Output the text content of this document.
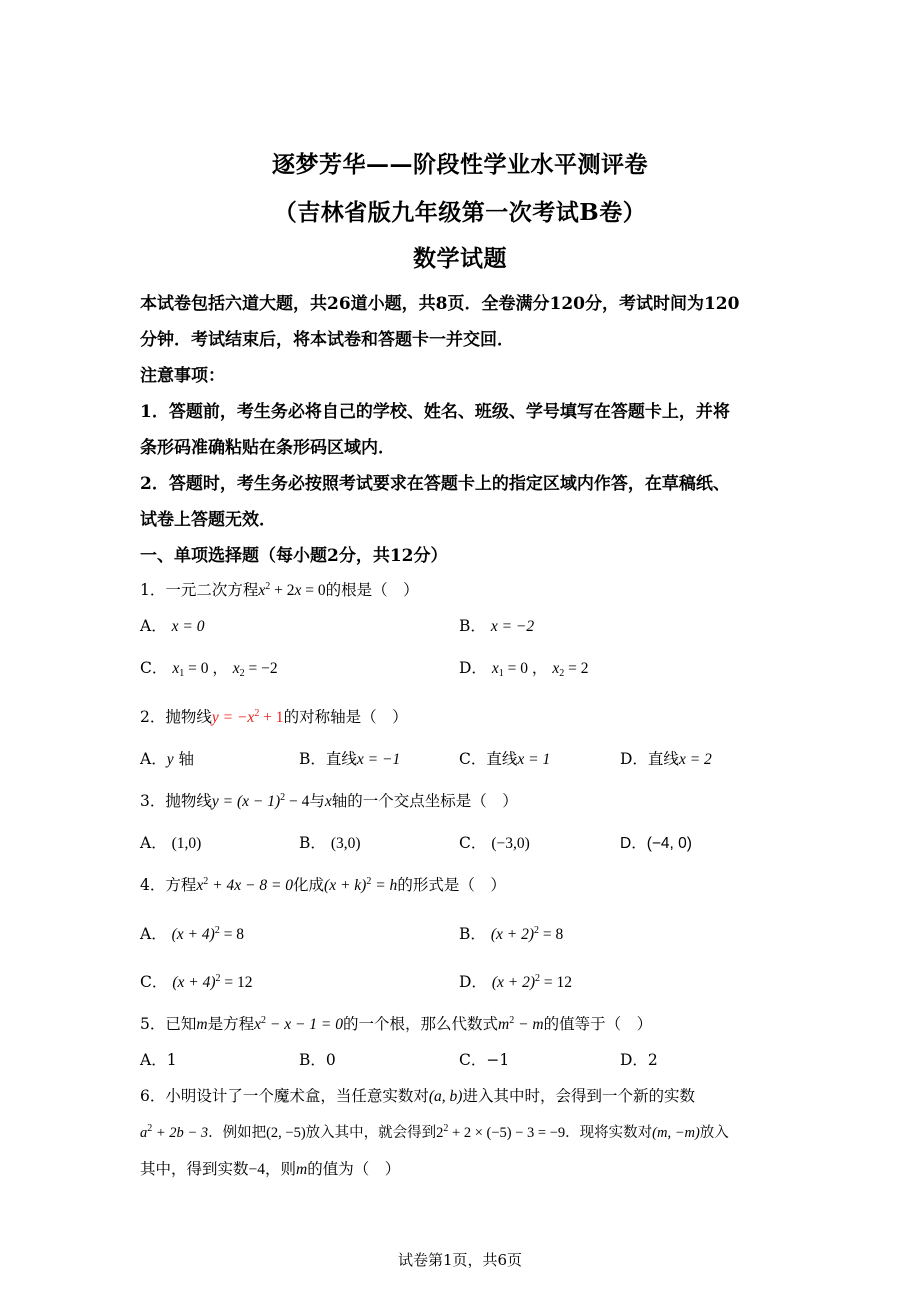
逐梦芳华——阶段性学业水平测评卷
（吉林省版九年级第一次考试B卷）
数学试题
本试卷包括六道大题，共26道小题，共8页．全卷满分120分，考试时间为120
分钟．考试结束后，将本试卷和答题卡一并交回．
注意事项：
1．答题前，考生务必将自己的学校、姓名、班级、学号填写在答题卡上，并将
条形码准确粘贴在条形码区域内．
2．答题时，考生务必按照考试要求在答题卡上的指定区域内作答，在草稿纸、
试卷上答题无效．
一、单项选择题（每小题2分，共12分）
1．一元二次方程$x^2 + 2x = 0$的根是（　）
A． x = 0	B． x = −2
C． $x_1 = 0$ ， $x_2 = -2$	D． $x_1 = 0$ ， $x_2 = 2$
2．抛物线$y = -x^2 + 1$的对称轴是（　）
A．y 轴	B．直线x = −1	C．直线x = 1	D．直线x = 2
3．抛物线$y = (x - 1)^2 - 4$与x轴的一个交点坐标是（　）
A． (1,0)	B． (3,0)	C． (−3,0)	D．(−4, 0)
4．方程$x^2 + 4x - 8 = 0$化成$(x + k)^2 = h$的形式是（　）
A． $(x + 4)^2 = 8$	B． $(x + 2)^2 = 8$
C． $(x + 4)^2 = 12$	D． $(x + 2)^2 = 12$
5．已知m是方程$x^2 - x - 1 = 0$的一个根，那么代数式$m^2 - m$的值等于（　）
A．1	B．0	C．−1	D．2
6．小明设计了一个魔术盒，当任意实数对(a, b)进入其中时，会得到一个新的实数
$a^2 + 2b - 3$．例如把(2, −5)放入其中，就会得到$2^2 + 2 \times (-5) - 3 = -9$．现将实数对(m, −m)放入
其中，得到实数−4，则m的值为（　）
试卷第1页，共6页
